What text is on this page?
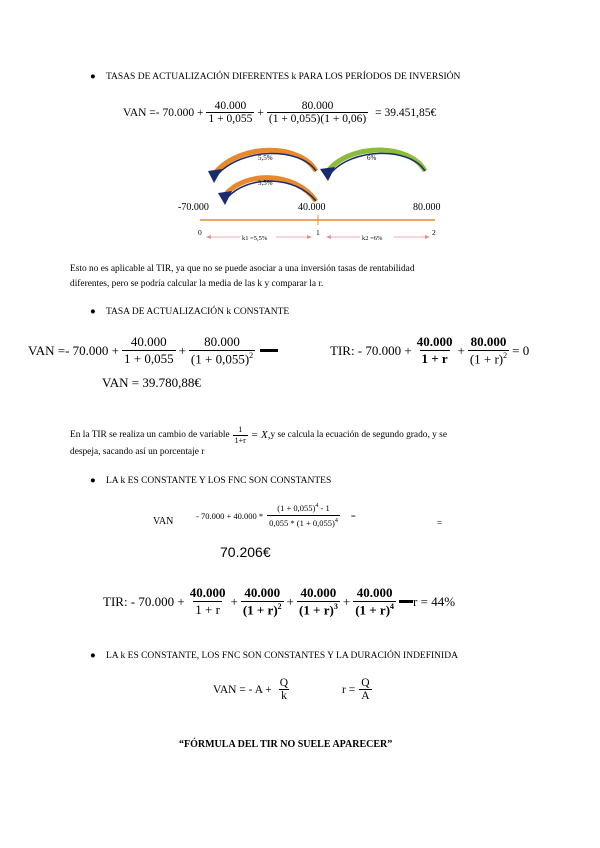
● TASAS DE ACTUALIZACIÓN DIFERENTES k PARA LOS PERÍODOS DE INVERSIÓN
VAN =- $70.000 + \frac{40.000}{1 + 0,055} + \frac{80.000}{(1 + 0,055)(1 + 0,06)}$ = 39.451,85€
5,5%	6%
5,5%
-70.000	40.000	80.000
0	1	2
k1 =5,5%	k2 =6%
Esto no es aplicable al TIR, ya que no se puede asociar a una inversión tasas de rentabilidad
diferentes, pero se podría calcular la media de las k y comparar la r.
● TASA DE ACTUALIZACIÓN k CONSTANTE
VAN =- $70.000 + \frac{40.000}{1 + 0,055} + \frac{80.000}{(1 + 0,055)^2}$
VAN = 39.780,88€
TIR: - $70.000 + \frac{40.000}{1 + r} + \frac{80.000}{(1 + r)^2} = 0$
En la TIR se realiza un cambio de variable $\frac{1}{1+r} = X$, y se calcula la ecuación de segundo grado, y se
despeja, sacando así un porcentaje r
● LA k ES CONSTANTE Y LOS FNC SON CONSTANTES
VAN
- $70.000 + 40.000 * \frac{(1 + 0,055)^4 - 1}{0,055 * (1 + 0,055)^4}$ =
=
70.206€
TIR: - $70.000 + \frac{40.000}{1 + r} + \frac{40.000}{(1 + r)^2} + \frac{40.000}{(1 + r)^3} + \frac{40.000}{(1 + r)^4}$ r = 44%
● LA k ES CONSTANTE, LOS FNC SON CONSTANTES Y LA DURACIÓN INDEFINIDA
VAN = - $A + \frac{Q}{k}$	$r = \frac{Q}{A}$
“FÓRMULA DEL TIR NO SUELE APARECER”
